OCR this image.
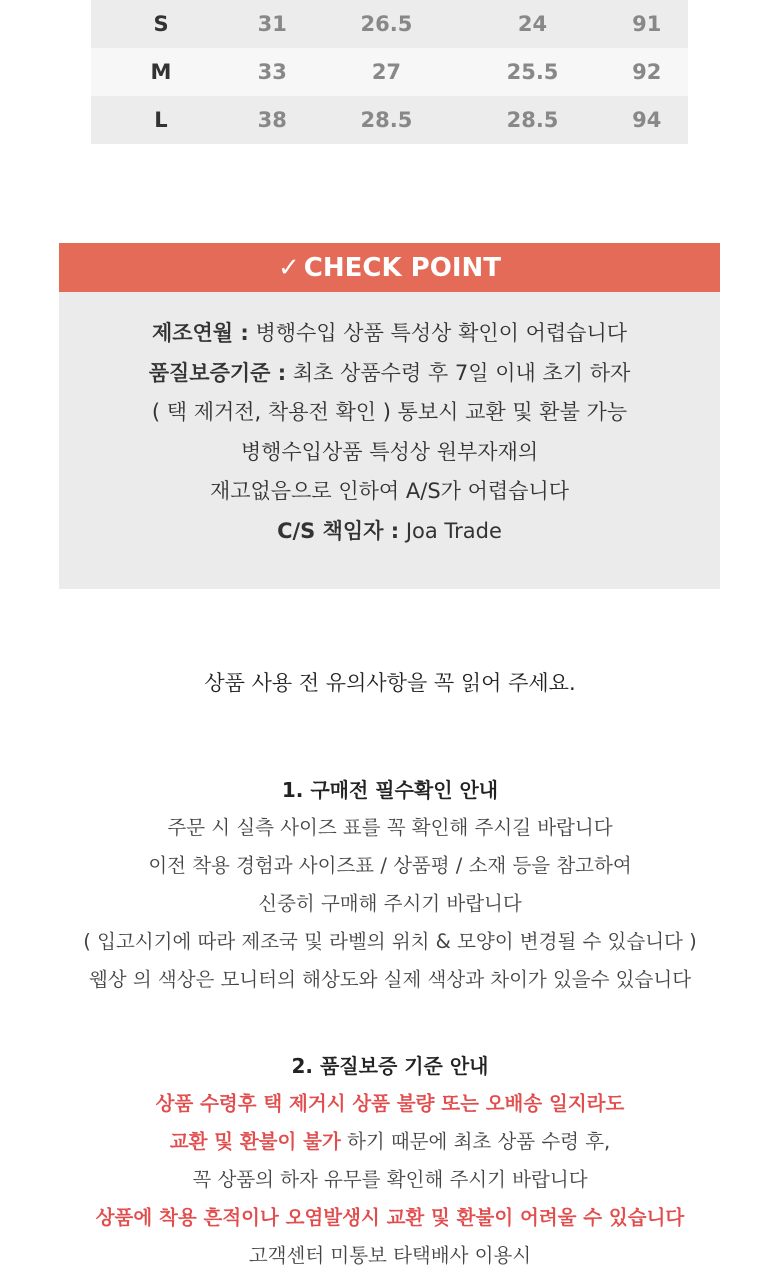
S	31	26.5	24	91
M	33	27	25.5	92
L	38	28.5	28.5	94
✓ CHECK POINT
제조연월 : 병행수입 상품 특성상 확인이 어렵습니다
품질보증기준 : 최초 상품수령 후 7일 이내 초기 하자
( 택 제거전, 착용전 확인 ) 통보시 교환 및 환불 가능
병행수입상품 특성상 원부자재의
재고없음으로 인하여 A/S가 어렵습니다
C/S 책임자 : Joa Trade
상품 사용 전 유의사항을 꼭 읽어 주세요.
1. 구매전 필수확인 안내
주문 시 실측 사이즈 표를 꼭 확인해 주시길 바랍니다
이전 착용 경험과 사이즈표 / 상품평 / 소재 등을 참고하여
신중히 구매해 주시기 바랍니다
( 입고시기에 따라 제조국 및 라벨의 위치 & 모양이 변경될 수 있습니다 )
웹상 의 색상은 모니터의 해상도와 실제 색상과 차이가 있을수 있습니다
2. 품질보증 기준 안내
상품 수령후 택 제거시 상품 불량 또는 오배송 일지라도
교환 및 환불이 불가 하기 때문에 최초 상품 수령 후,
꼭 상품의 하자 유무를 확인해 주시기 바랍니다
상품에 착용 흔적이나 오염발생시 교환 및 환불이 어려울 수 있습니다
고객센터 미통보 타택배사 이용시
